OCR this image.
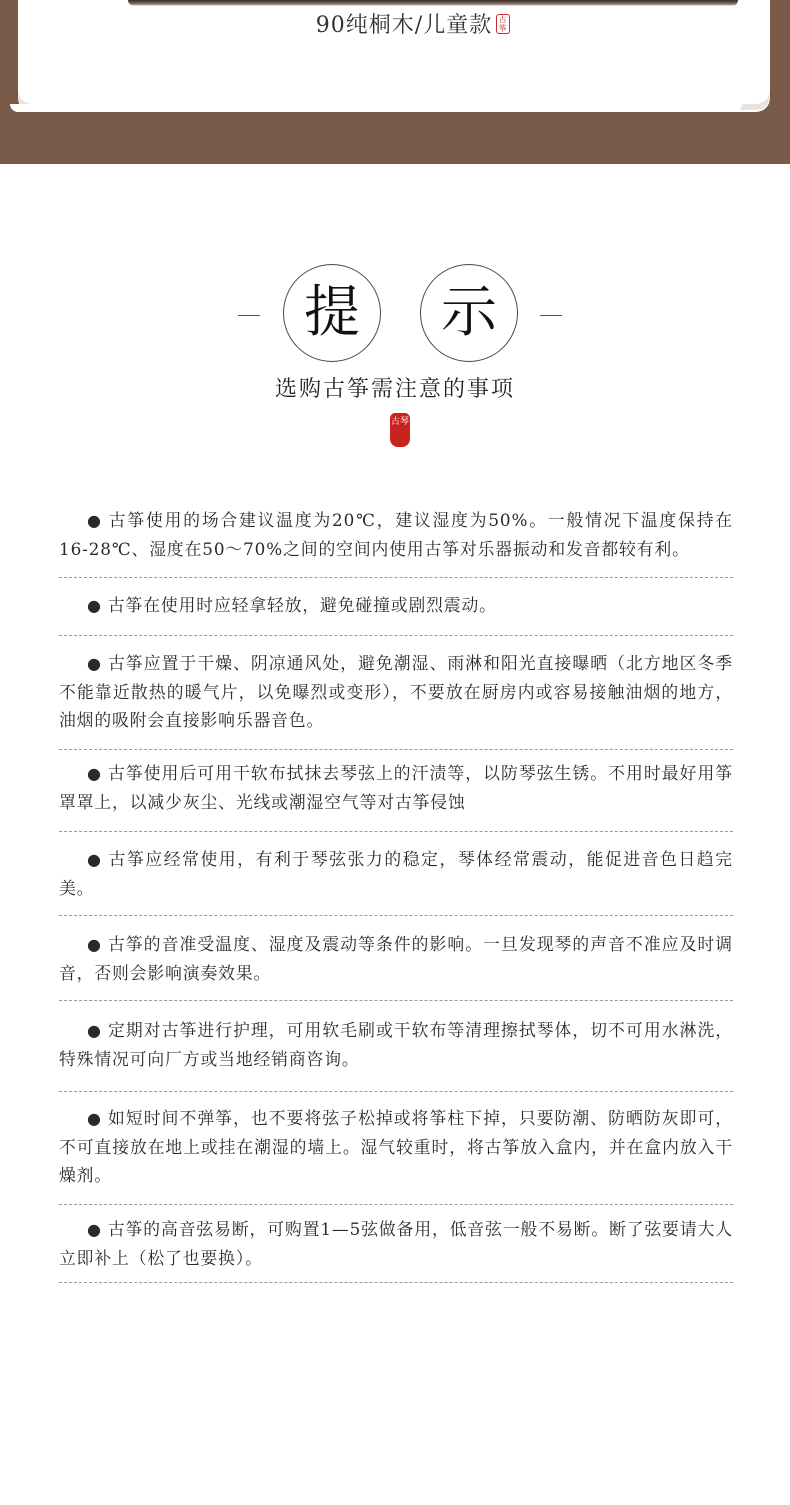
90纯桐木/儿童款 古筝
提	示
选购古筝需注意的事项
古琴
● 古筝使用的场合建议温度为20℃，建议湿度为50%。一般情况下温度保持在16-28℃、湿度在50～70%之间的空间内使用古筝对乐器振动和发音都较有利。
● 古筝在使用时应轻拿轻放，避免碰撞或剧烈震动。
● 古筝应置于干燥、阴凉通风处，避免潮湿、雨淋和阳光直接曝晒（北方地区冬季不能靠近散热的暖气片，以免曝烈或变形），不要放在厨房内或容易接触油烟的地方，油烟的吸附会直接影响乐器音色。
● 古筝使用后可用干软布拭抹去琴弦上的汗渍等，以防琴弦生锈。不用时最好用筝罩罩上，以减少灰尘、光线或潮湿空气等对古筝侵蚀
● 古筝应经常使用，有利于琴弦张力的稳定，琴体经常震动，能促进音色日趋完美。
● 古筝的音准受温度、湿度及震动等条件的影响。一旦发现琴的声音不准应及时调音，否则会影响演奏效果。
● 定期对古筝进行护理，可用软毛刷或干软布等清理擦拭琴体，切不可用水淋洗，特殊情况可向厂方或当地经销商咨询。
● 如短时间不弹筝，也不要将弦子松掉或将筝柱下掉，只要防潮、防晒防灰即可，不可直接放在地上或挂在潮湿的墙上。湿气较重时，将古筝放入盒内，并在盒内放入干燥剂。
● 古筝的高音弦易断，可购置1—5弦做备用，低音弦一般不易断。断了弦要请大人立即补上（松了也要换）。
